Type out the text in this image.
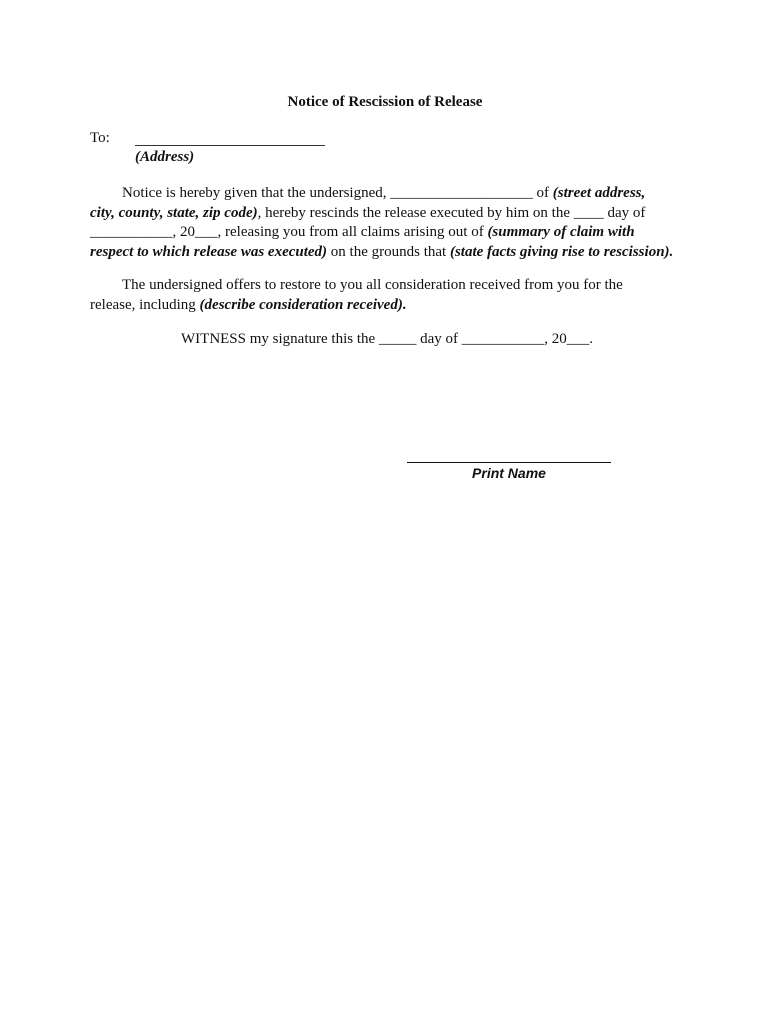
Notice of Rescission of Release
To:
(Address)
Notice is hereby given that the undersigned, ___________________ of (street address,
city, county, state, zip code), hereby rescinds the release executed by him on the ____ day of
___________, 20___, releasing you from all claims arising out of (summary of claim with
respect to which release was executed) on the grounds that (state facts giving rise to rescission).
The undersigned offers to restore to you all consideration received from you for the
release, including (describe consideration received).
WITNESS my signature this the _____ day of ___________, 20___.
Print Name
